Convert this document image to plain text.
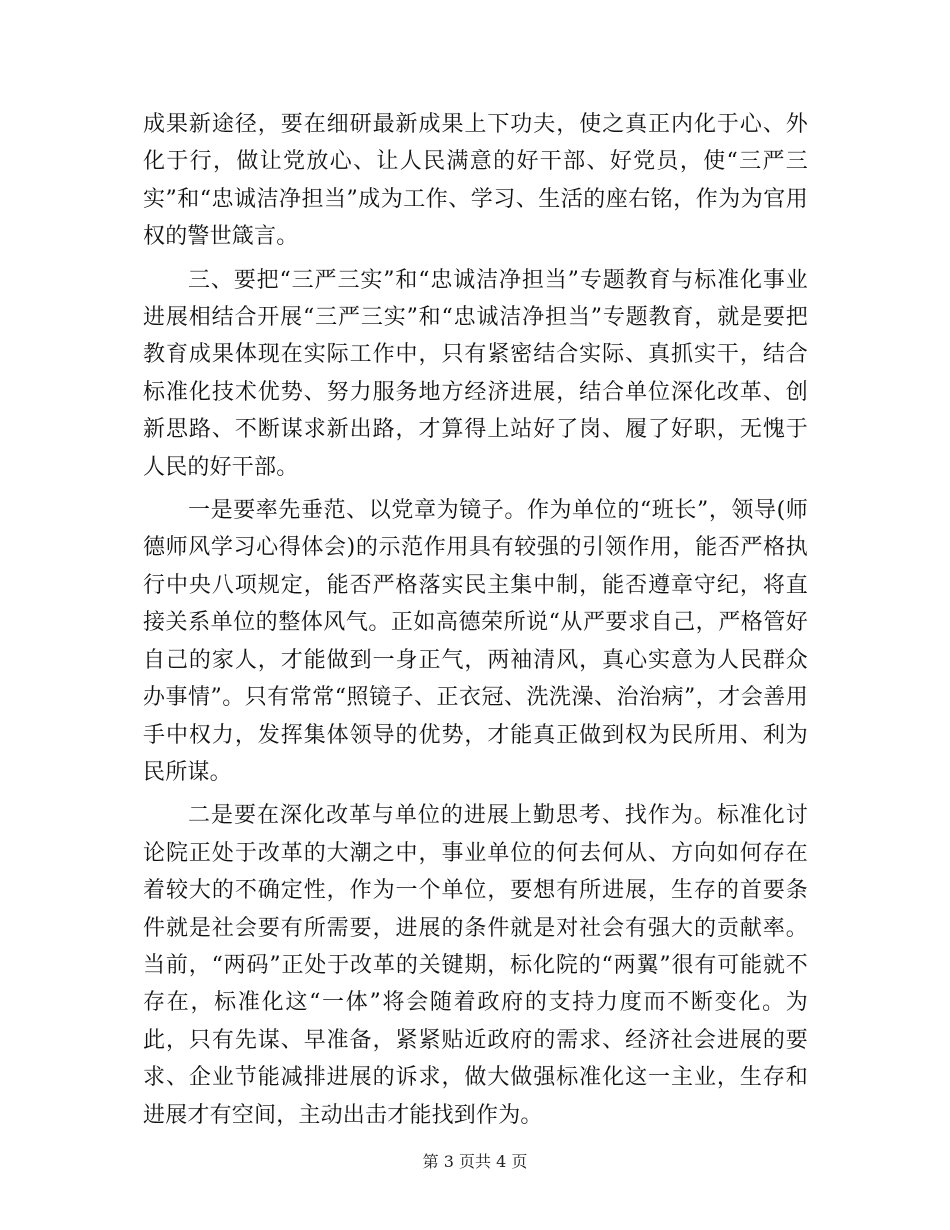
成果新途径，要在细研最新成果上下功夫，使之真正内化于心、外化于行，做让党放心、让人民满意的好干部、好党员，使“三严三实”和“忠诚洁净担当”成为工作、学习、生活的座右铭，作为为官用权的警世箴言。

三、要把“三严三实”和“忠诚洁净担当”专题教育与标准化事业进展相结合开展“三严三实”和“忠诚洁净担当”专题教育，就是要把教育成果体现在实际工作中，只有紧密结合实际、真抓实干，结合标准化技术优势、努力服务地方经济进展，结合单位深化改革、创新思路、不断谋求新出路，才算得上站好了岗、履了好职，无愧于人民的好干部。

一是要率先垂范、以党章为镜子。作为单位的“班长”，领导(师德师风学习心得体会)的示范作用具有较强的引领作用，能否严格执行中央八项规定，能否严格落实民主集中制，能否遵章守纪，将直接关系单位的整体风气。正如高德荣所说“从严要求自己，严格管好自己的家人，才能做到一身正气，两袖清风，真心实意为人民群众办事情”。只有常常“照镜子、正衣冠、洗洗澡、治治病”，才会善用手中权力，发挥集体领导的优势，才能真正做到权为民所用、利为民所谋。

二是要在深化改革与单位的进展上勤思考、找作为。标准化讨论院正处于改革的大潮之中，事业单位的何去何从、方向如何存在着较大的不确定性，作为一个单位，要想有所进展，生存的首要条件就是社会要有所需要，进展的条件就是对社会有强大的贡献率。当前，“两码”正处于改革的关键期，标化院的“两翼”很有可能就不存在，标准化这“一体”将会随着政府的支持力度而不断变化。为此，只有先谋、早准备，紧紧贴近政府的需求、经济社会进展的要求、企业节能减排进展的诉求，做大做强标准化这一主业，生存和进展才有空间，主动出击才能找到作为。

第 3 页共 4 页
